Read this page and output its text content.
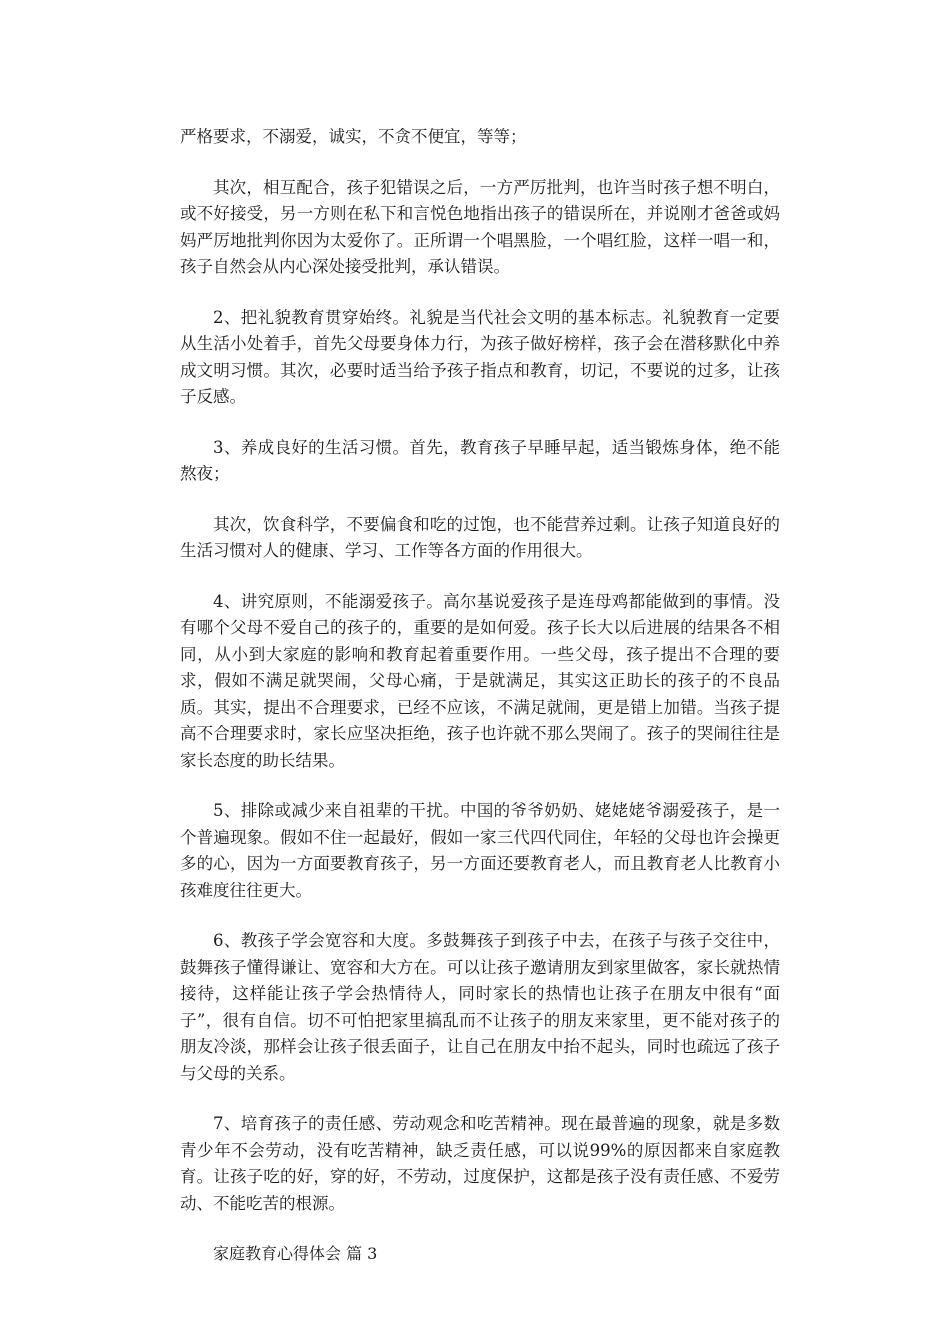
严格要求，不溺爱，诚实，不贪不便宜，等等；

其次，相互配合，孩子犯错误之后，一方严厉批判，也许当时孩子想不明白，或不好接受，另一方则在私下和言悦色地指出孩子的错误所在，并说刚才爸爸或妈妈严厉地批判你因为太爱你了。正所谓一个唱黑脸，一个唱红脸，这样一唱一和，孩子自然会从内心深处接受批判，承认错误。

2、把礼貌教育贯穿始终。礼貌是当代社会文明的基本标志。礼貌教育一定要从生活小处着手，首先父母要身体力行，为孩子做好榜样，孩子会在潜移默化中养成文明习惯。其次，必要时适当给予孩子指点和教育，切记，不要说的过多，让孩子反感。

3、养成良好的生活习惯。首先，教育孩子早睡早起，适当锻炼身体，绝不能熬夜；

其次，饮食科学，不要偏食和吃的过饱，也不能营养过剩。让孩子知道良好的生活习惯对人的健康、学习、工作等各方面的作用很大。

4、讲究原则，不能溺爱孩子。高尔基说爱孩子是连母鸡都能做到的事情。没有哪个父母不爱自己的孩子的，重要的是如何爱。孩子长大以后进展的结果各不相同，从小到大家庭的影响和教育起着重要作用。一些父母，孩子提出不合理的要求，假如不满足就哭闹，父母心痛，于是就满足，其实这正助长的孩子的不良品质。其实，提出不合理要求，已经不应该，不满足就闹，更是错上加错。当孩子提高不合理要求时，家长应坚决拒绝，孩子也许就不那么哭闹了。孩子的哭闹往往是家长态度的助长结果。

5、排除或减少来自祖辈的干扰。中国的爷爷奶奶、姥姥姥爷溺爱孩子，是一个普遍现象。假如不住一起最好，假如一家三代四代同住，年轻的父母也许会操更多的心，因为一方面要教育孩子，另一方面还要教育老人，而且教育老人比教育小孩难度往往更大。

6、教孩子学会宽容和大度。多鼓舞孩子到孩子中去，在孩子与孩子交往中，鼓舞孩子懂得谦让、宽容和大方在。可以让孩子邀请朋友到家里做客，家长就热情接待，这样能让孩子学会热情待人，同时家长的热情也让孩子在朋友中很有“面子”，很有自信。切不可怕把家里搞乱而不让孩子的朋友来家里，更不能对孩子的朋友冷淡，那样会让孩子很丢面子，让自己在朋友中抬不起头，同时也疏远了孩子与父母的关系。

7、培育孩子的责任感、劳动观念和吃苦精神。现在最普遍的现象，就是多数青少年不会劳动，没有吃苦精神，缺乏责任感，可以说99%的原因都来自家庭教育。让孩子吃的好，穿的好，不劳动，过度保护，这都是孩子没有责任感、不爱劳动、不能吃苦的根源。

家庭教育心得体会 篇 3
